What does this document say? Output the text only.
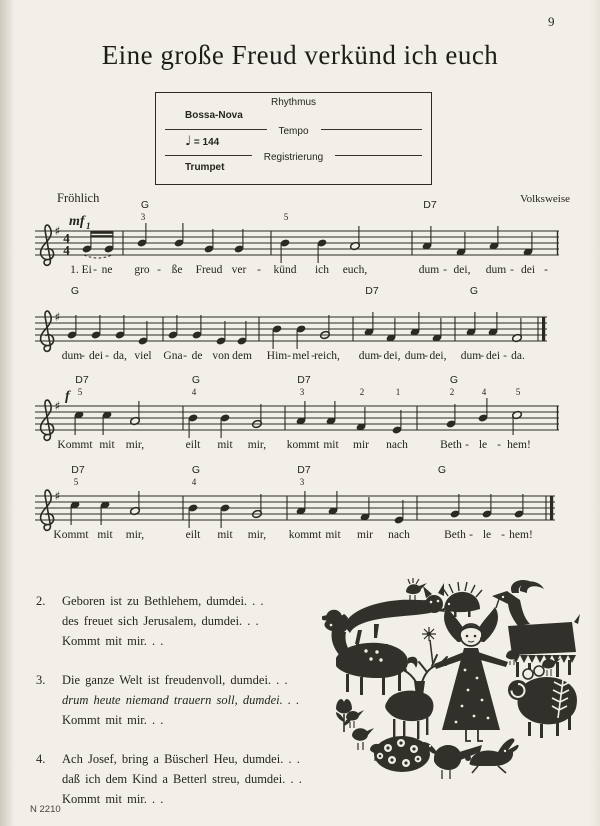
9
Eine große Freud verkünd ich euch
Rhythmus
Bossa-Nova
Tempo
♩ = 144
Registrierung
Trumpet
Fröhlich	Volksweise
♯ 4
4
G	D7
3	5
mf 1
1. Ei - ne gro - ße Freud ver - künd ich euch,	dum - dei, dum - dei -
♯
G	D7	G
dum
- dei - da, viel Gna - de von dem Him - mel - reich, dum
- dei, dum
- dei, dum
- dei - da.
♯
D7	G	D7	G
5	4	3	2	1	2	4	5
f
Kommt mit mir,	eilt mit mir, kommt mit mir nach	Beth - le - hem!
♯
D7	G	D7	G
5	4	3
Kommt mit mir,	eilt mit mir, kommt mit mir nach	Beth - le - hem!
2.	Geboren ist zu Bethlehem, dumdei. . .
des freuet sich Jerusalem, dumdei. . .
Kommt mit mir. . .
3.	Die ganze Welt ist freudenvoll, dumdei. . .
drum heute niemand trauern soll, dumdei. . .
Kommt mit mir. . .
4.	Ach Josef, bring a Büscherl Heu, dumdei. . .
daß ich dem Kind a Betterl streu, dumdei. . .
Kommt mit mir. . .
N 2210
